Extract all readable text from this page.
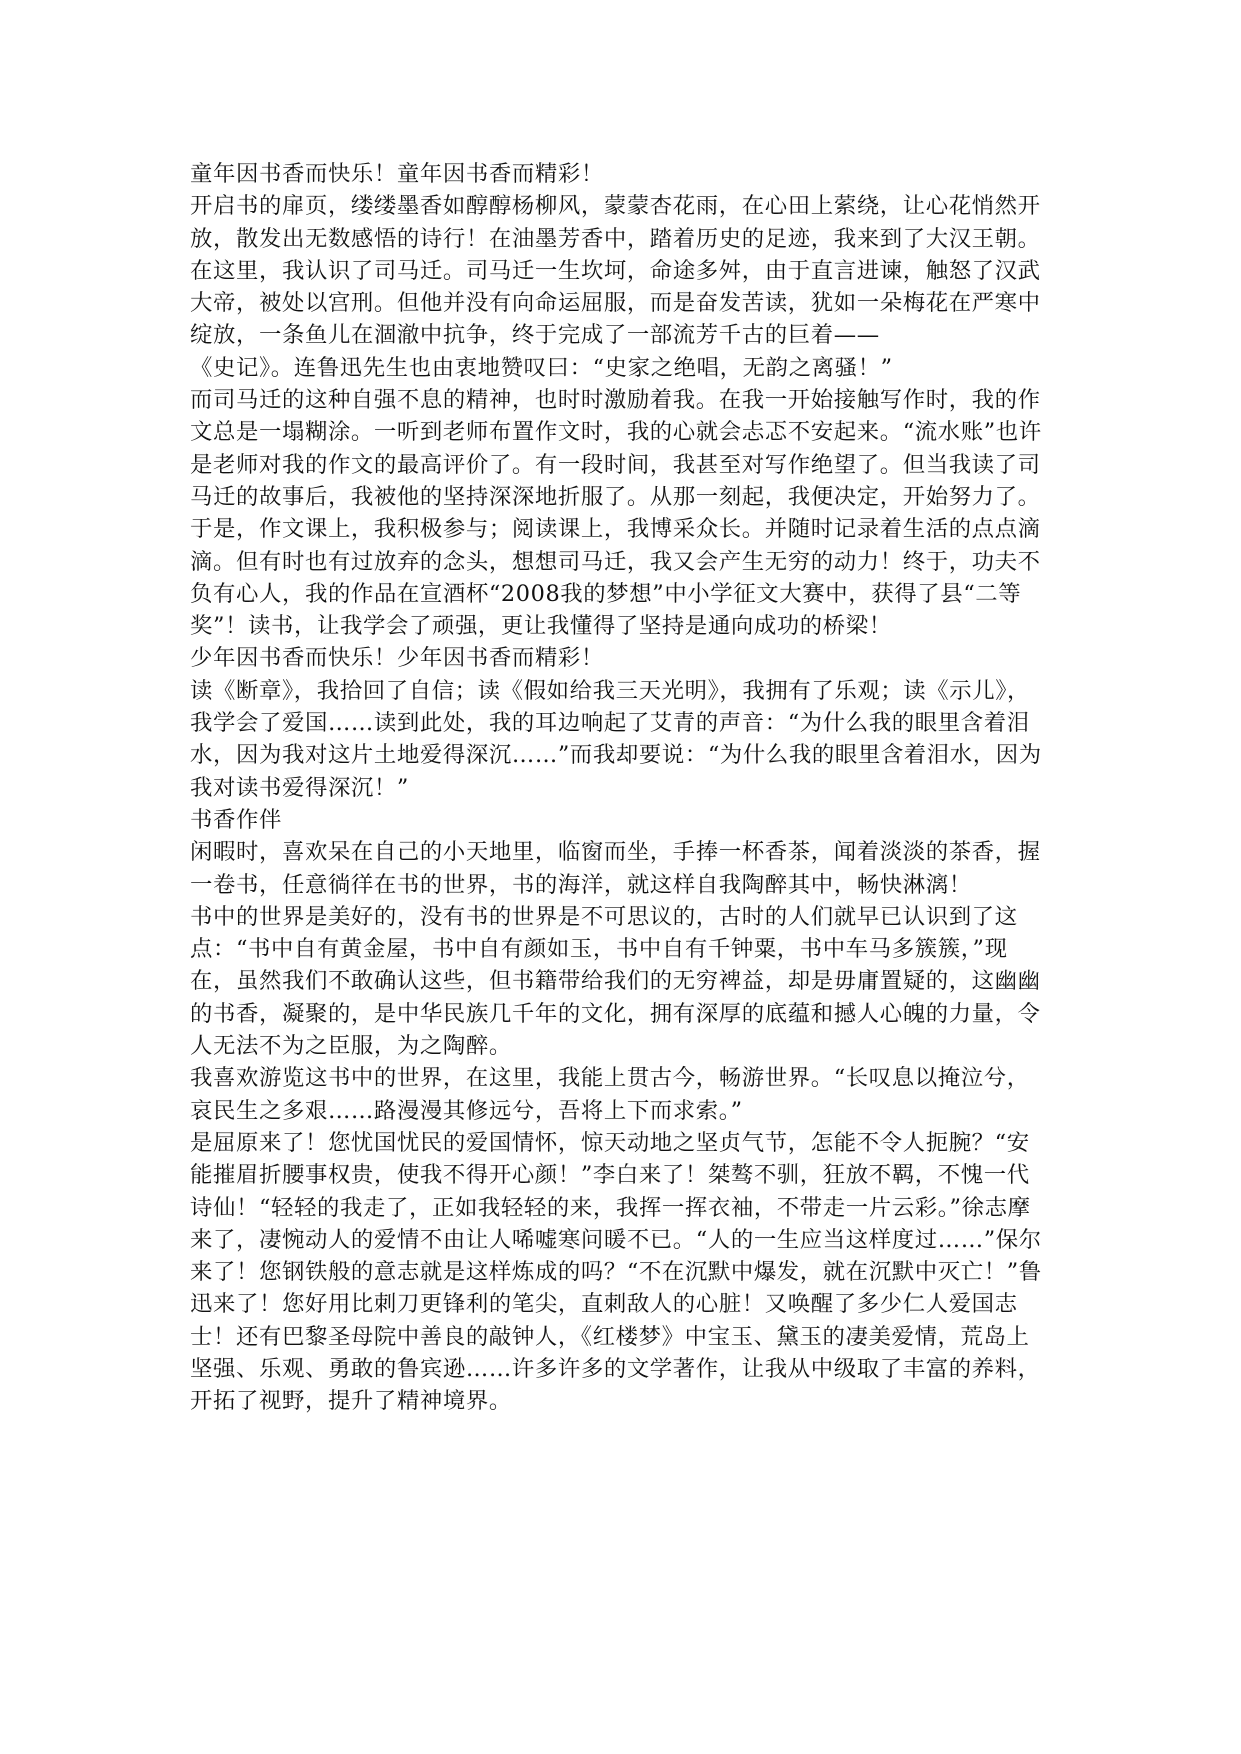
童年因书香而快乐！童年因书香而精彩！

开启书的扉页，缕缕墨香如醇醇杨柳风，蒙蒙杏花雨，在心田上萦绕，让心花悄然开放，散发出无数感悟的诗行！在油墨芳香中，踏着历史的足迹，我来到了大汉王朝。在这里，我认识了司马迁。司马迁一生坎坷，命途多舛，由于直言进谏，触怒了汉武大帝，被处以宫刑。但他并没有向命运屈服，而是奋发苦读，犹如一朵梅花在严寒中绽放，一条鱼儿在涸澈中抗争，终于完成了一部流芳千古的巨着——

《史记》。连鲁迅先生也由衷地赞叹曰：“史家之绝唱，无韵之离骚！”

而司马迁的这种自强不息的精神，也时时激励着我。在我一开始接触写作时，我的作文总是一塌糊涂。一听到老师布置作文时，我的心就会忐忑不安起来。“流水账”也许是老师对我的作文的最高评价了。有一段时间，我甚至对写作绝望了。但当我读了司马迁的故事后，我被他的坚持深深地折服了。从那一刻起，我便决定，开始努力了。于是，作文课上，我积极参与；阅读课上，我博采众长。并随时记录着生活的点点滴滴。但有时也有过放弃的念头，想想司马迁，我又会产生无穷的动力！终于，功夫不负有心人，我的作品在宣酒杯“2008我的梦想”中小学征文大赛中，获得了县“二等奖”！读书，让我学会了顽强，更让我懂得了坚持是通向成功的桥梁！

少年因书香而快乐！少年因书香而精彩！

读《断章》，我拾回了自信；读《假如给我三天光明》，我拥有了乐观；读《示儿》，我学会了爱国……读到此处，我的耳边响起了艾青的声音：“为什么我的眼里含着泪水，因为我对这片土地爱得深沉……”而我却要说：“为什么我的眼里含着泪水，因为我对读书爱得深沉！”

书香作伴

闲暇时，喜欢呆在自己的小天地里，临窗而坐，手捧一杯香茶，闻着淡淡的茶香，握一卷书，任意徜徉在书的世界，书的海洋，就这样自我陶醉其中，畅快淋漓！

书中的世界是美好的，没有书的世界是不可思议的，古时的人们就早已认识到了这点：“书中自有黄金屋，书中自有颜如玉，书中自有千钟粟，书中车马多簇簇，”现在，虽然我们不敢确认这些，但书籍带给我们的无穷裨益，却是毋庸置疑的，这幽幽的书香，凝聚的，是中华民族几千年的文化，拥有深厚的底蕴和撼人心魄的力量，令人无法不为之臣服，为之陶醉。

我喜欢游览这书中的世界，在这里，我能上贯古今，畅游世界。“长叹息以掩泣兮，哀民生之多艰……路漫漫其修远兮，吾将上下而求索。”

是屈原来了！您忧国忧民的爱国情怀，惊天动地之坚贞气节，怎能不令人扼腕？“安能摧眉折腰事权贵，使我不得开心颜！”李白来了！桀骜不驯，狂放不羁，不愧一代诗仙！“轻轻的我走了，正如我轻轻的来，我挥一挥衣袖，不带走一片云彩。”徐志摩来了，凄惋动人的爱情不由让人唏嘘寒问暖不已。“人的一生应当这样度过……”保尔来了！您钢铁般的意志就是这样炼成的吗？“不在沉默中爆发，就在沉默中灭亡！”鲁迅来了！您好用比刺刀更锋利的笔尖，直刺敌人的心脏！又唤醒了多少仁人爱国志士！还有巴黎圣母院中善良的敲钟人，《红楼梦》中宝玉、黛玉的凄美爱情，荒岛上坚强、乐观、勇敢的鲁宾逊……许多许多的文学著作，让我从中级取了丰富的养料，开拓了视野，提升了精神境界。
